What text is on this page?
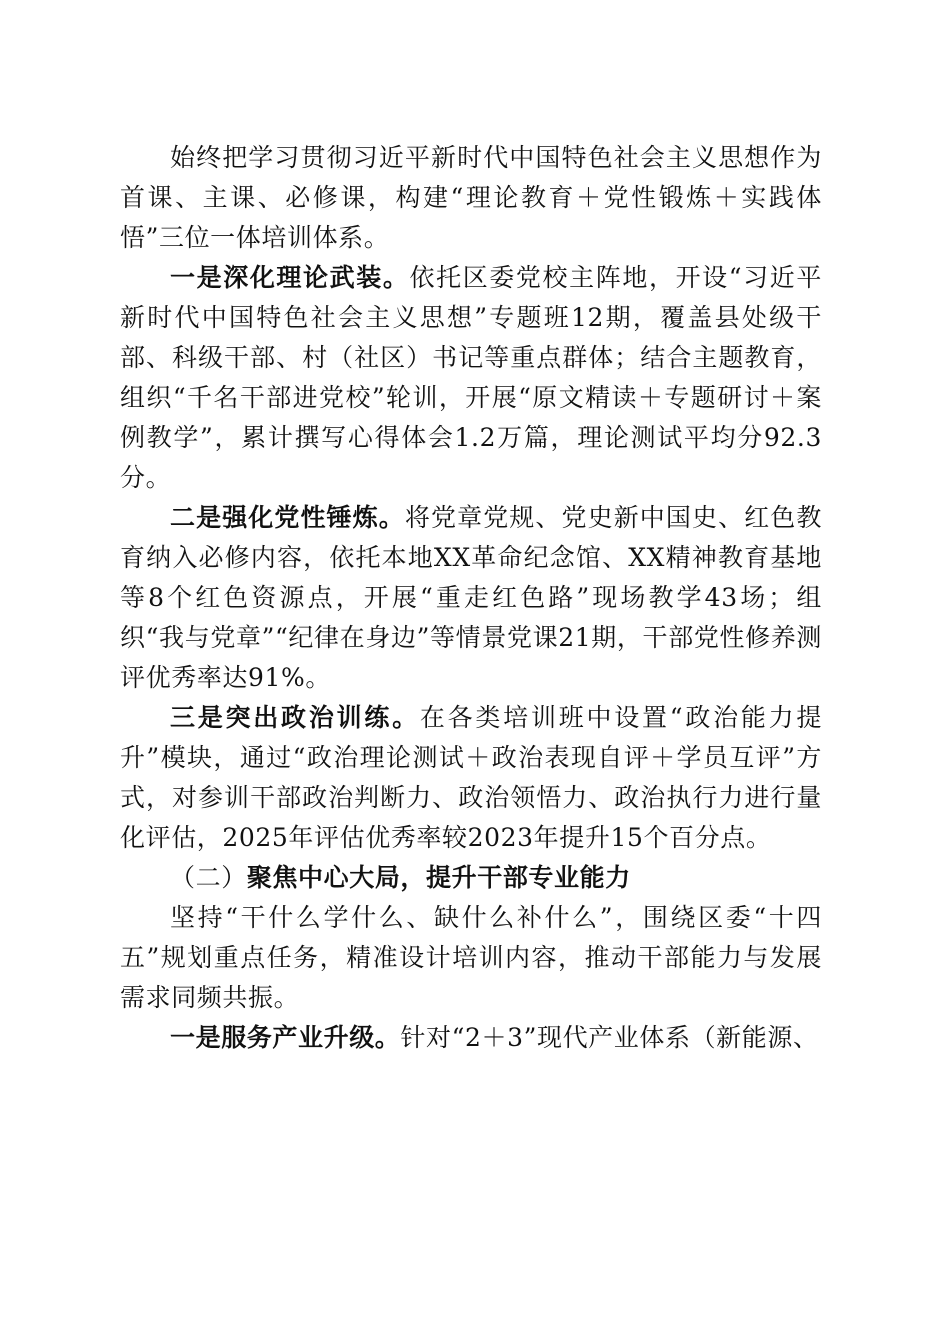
始终把学习贯彻习近平新时代中国特色社会主义思想作为首课、主课、必修课，构建“理论教育＋党性锻炼＋实践体悟”三位一体培训体系。

一是深化理论武装。依托区委党校主阵地，开设“习近平新时代中国特色社会主义思想”专题班12期，覆盖县处级干部、科级干部、村（社区）书记等重点群体；结合主题教育，组织“千名干部进党校”轮训，开展“原文精读＋专题研讨＋案例教学”，累计撰写心得体会1.2万篇，理论测试平均分92.3分。

二是强化党性锤炼。将党章党规、党史新中国史、红色教育纳入必修内容，依托本地XX革命纪念馆、XX精神教育基地等8个红色资源点，开展“重走红色路”现场教学43场；组织“我与党章”“纪律在身边”等情景党课21期，干部党性修养测评优秀率达91%。

三是突出政治训练。在各类培训班中设置“政治能力提升”模块，通过“政治理论测试＋政治表现自评＋学员互评”方式，对参训干部政治判断力、政治领悟力、政治执行力进行量化评估，2025年评估优秀率较2023年提升15个百分点。

（二）聚焦中心大局，提升干部专业能力

坚持“干什么学什么、缺什么补什么”，围绕区委“十四五”规划重点任务，精准设计培训内容，推动干部能力与发展需求同频共振。

一是服务产业升级。针对“2＋3”现代产业体系（新能源、
